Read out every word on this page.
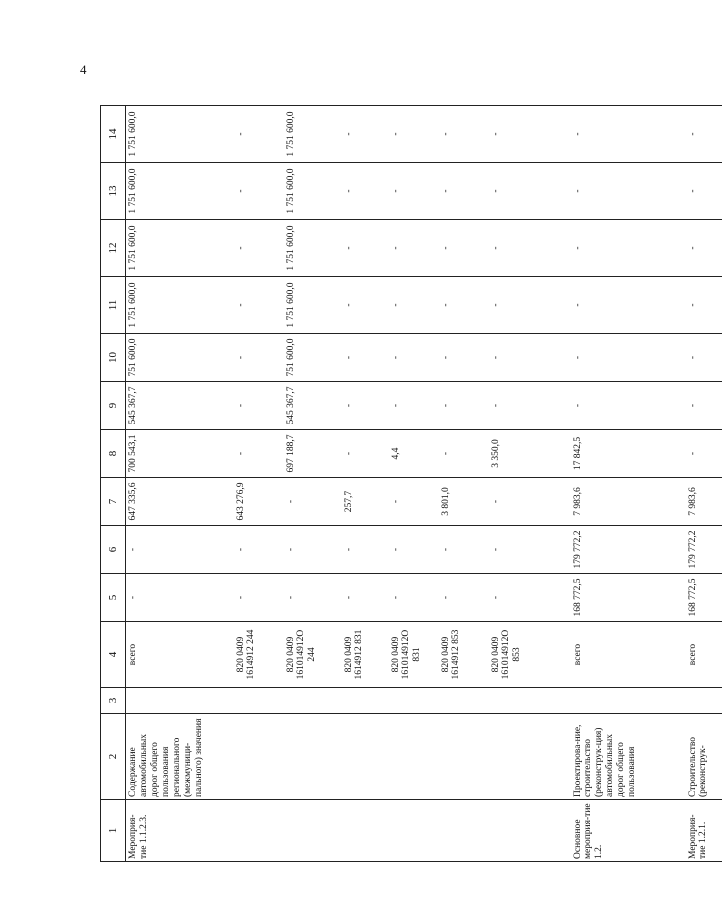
4
1	2	3	4	5	6	7	8	9	10	11	12	13	14
Мероприя-тие 1.1.2.3.	Содержание автомобильных дорог общего пользования регионального (межмуници-пального) значения		всего	-	-	647 335,6	700 543,1	545 367,7	751 600,0	1 751 600,0	1 751 600,0	1 751 600,0	1 751 600,0
			820 0409 1614912 244	-	-	643 276,9	-	-	-	-	-	-	-
			820 0409 161014912О 244	-	-	-	697 188,7	545 367,7	751 600,0	1 751 600,0	1 751 600,0	1 751 600,0	1 751 600,0
			820 0409 1614912 831	-	-	257,7	-	-	-	-	-	-	-
			820 0409 161014912О 831	-	-	-	4,4	-	-	-	-	-	-
			820 0409 1614912 853	-	-	3 801,0	-	-	-	-	-	-	-
			820 0409 161014912О 853	-	-	-	3 350,0	-	-	-	-	-	-
Основное мероприя-тие 1.2.	Проектирова-ние, строительство (реконструк-ция) автомобильных дорог общего пользования		всего	168 772,5	179 772,2	7 983,6	17 842,5	-	-	-	-	-	-
Мероприя-тие 1.2.1.	Строительство (реконструк-		всего	168 772,5	179 772,2	7 983,6	-	-	-	-	-	-	-
